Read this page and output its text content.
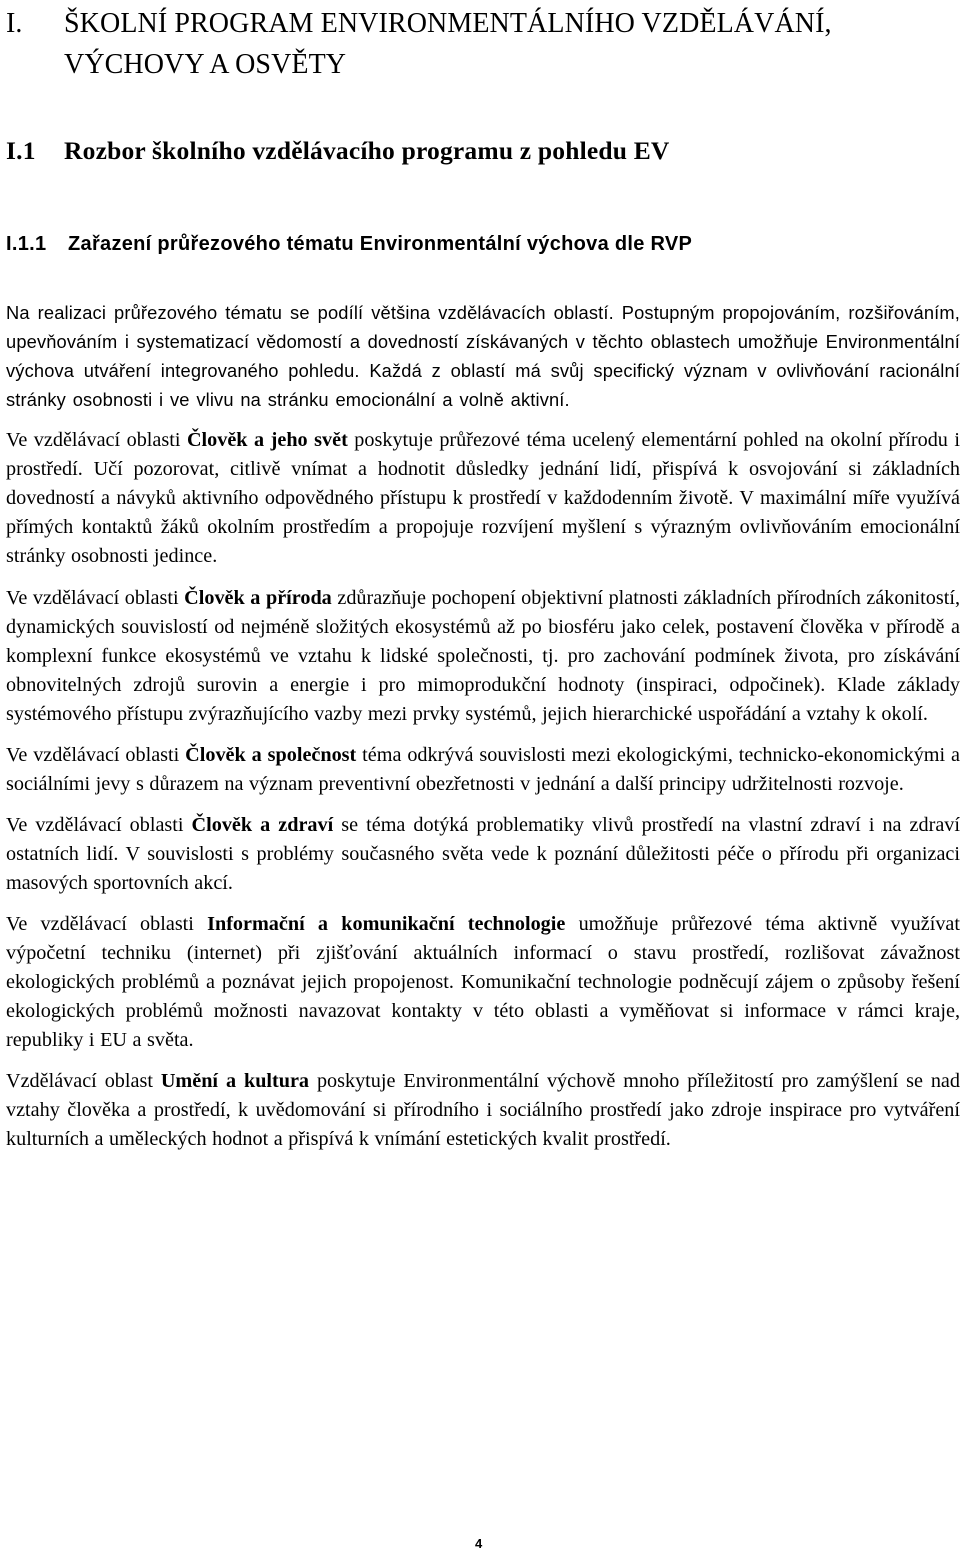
I.	ŠKOLNÍ PROGRAM ENVIRONMENTÁLNÍHO VZDĚLÁVÁNÍ, VÝCHOVY A OSVĚTY
I.1	Rozbor školního vzdělávacího programu z pohledu EV
I.1.1	Zařazení průřezového tématu Environmentální výchova dle RVP

Na realizaci průřezového tématu se podílí většina vzdělávacích oblastí. Postupným propojováním, rozšiřováním, upevňováním i systematizací vědomostí a dovedností získávaných v těchto oblastech umožňuje Environmentální výchova utváření integrovaného pohledu. Každá z oblastí má svůj specifický význam v ovlivňování racionální stránky osobnosti i ve vlivu na stránku emocionální a volně aktivní.

Ve vzdělávací oblasti Člověk a jeho svět poskytuje průřezové téma ucelený elementární pohled na okolní přírodu i prostředí. Učí pozorovat, citlivě vnímat a hodnotit důsledky jednání lidí, přispívá k osvojování si základních dovedností a návyků aktivního odpovědného přístupu k prostředí v každodenním životě. V maximální míře využívá přímých kontaktů žáků okolním prostředím a propojuje rozvíjení myšlení s výrazným ovlivňováním emocionální stránky osobnosti jedince.

Ve vzdělávací oblasti Člověk a příroda zdůrazňuje pochopení objektivní platnosti základních přírodních zákonitostí, dynamických souvislostí od nejméně složitých ekosystémů až po biosféru jako celek, postavení člověka v přírodě a komplexní funkce ekosystémů ve vztahu k lidské společnosti, tj. pro zachování podmínek života, pro získávání obnovitelných zdrojů surovin a energie i pro mimoprodukční hodnoty (inspiraci, odpočinek). Klade základy systémového přístupu zvýrazňujícího vazby mezi prvky systémů, jejich hierarchické uspořádání a vztahy k okolí.

Ve vzdělávací oblasti Člověk a společnost téma odkrývá souvislosti mezi ekologickými, technicko-ekonomickými a sociálními jevy s důrazem na význam preventivní obezřetnosti v jednání a další principy udržitelnosti rozvoje.

Ve vzdělávací oblasti Člověk a zdraví se téma dotýká problematiky vlivů prostředí na vlastní zdraví i na zdraví ostatních lidí. V souvislosti s problémy současného světa vede k poznání důležitosti péče o přírodu při organizaci masových sportovních akcí.

Ve vzdělávací oblasti Informační a komunikační technologie umožňuje průřezové téma aktivně využívat výpočetní techniku (internet) při zjišťování aktuálních informací o stavu prostředí, rozlišovat závažnost ekologických problémů a poznávat jejich propojenost. Komunikační technologie podněcují zájem o způsoby řešení ekologických problémů možnosti navazovat kontakty v této oblasti a vyměňovat si informace v rámci kraje, republiky i EU a světa.

Vzdělávací oblast Umění a kultura poskytuje Environmentální výchově mnoho příležitostí pro zamýšlení se nad vztahy člověka a prostředí, k uvědomování si přírodního i sociálního prostředí jako zdroje inspirace pro vytváření kulturních a uměleckých hodnot a přispívá k vnímání estetických kvalit prostředí.

4
